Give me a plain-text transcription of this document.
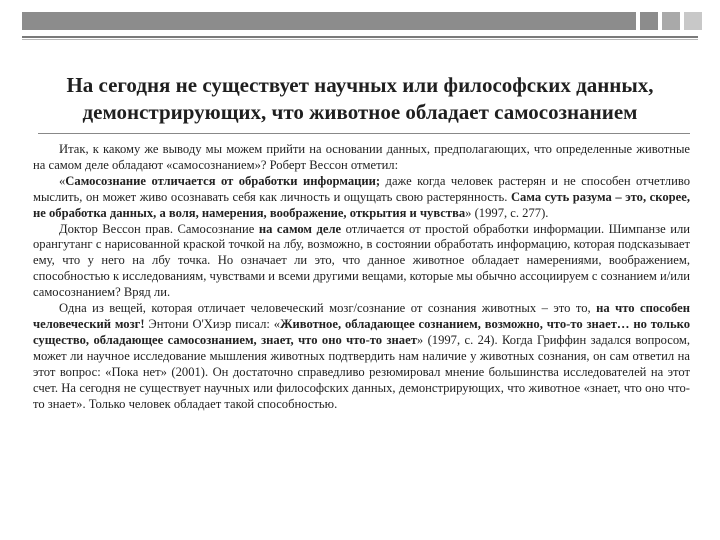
На сегодня не существует научных или философских данных,
демонстрирующих, что животное обладает самосознанием

Итак, к какому же выводу мы можем прийти на основании данных, предполагающих, что определенные животные на самом деле обладают «самосознанием»? Роберт Вессон отметил:

«Самосознание отличается от обработки информации; даже когда человек растерян и не способен отчетливо мыслить, он может живо осознавать себя как личность и ощущать свою растерянность. Сама суть разума – это, скорее, не обработка данных, а воля, намерения, воображение, открытия и чувства» (1997, с. 277).

Доктор Вессон прав. Самосознание на самом деле отличается от простой обработки информации. Шимпанзе или орангутанг с нарисованной краской точкой на лбу, возможно, в состоянии обработать информацию, которая подсказывает ему, что у него на лбу точка. Но означает ли это, что данное животное обладает намерениями, воображением, способностью к исследованиям, чувствами и всеми другими вещами, которые мы обычно ассоциируем с сознанием и/или самосознанием? Вряд ли.

Одна из вещей, которая отличает человеческий мозг/сознание от сознания животных – это то, на что способен человеческий мозг! Энтони О'Хиэр писал: «Животное, обладающее сознанием, возможно, что-то знает… но только существо, обладающее самосознанием, знает, что оно что-то знает» (1997, с. 24). Когда Гриффин задался вопросом, может ли научное исследование мышления животных подтвердить нам наличие у животных сознания, он сам ответил на этот вопрос: «Пока нет» (2001). Он достаточно справедливо резюмировал мнение большинства исследователей на этот счет. На сегодня не существует научных или философских данных, демонстрирующих, что животное «знает, что оно что-то знает». Только человек обладает такой способностью.
